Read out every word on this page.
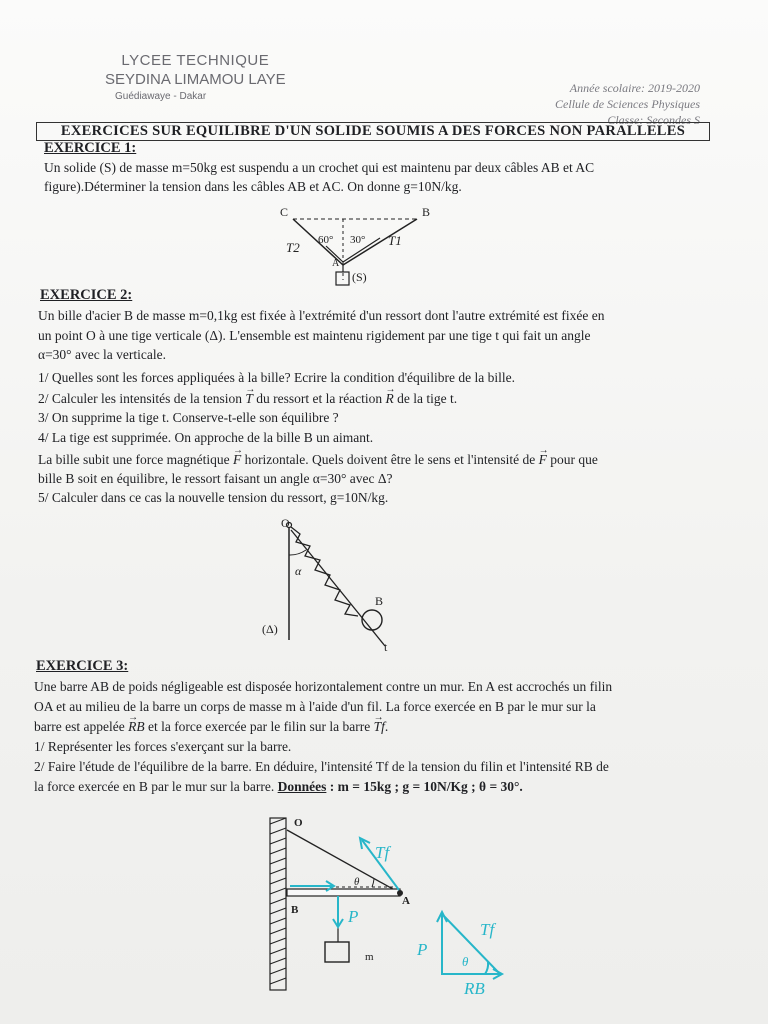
LYCEE TECHNIQUE
SEYDINA LIMAMOU LAYE
Guédiawaye - Dakar
Année scolaire: 2019-2020
Cellule de Sciences Physiques
Classe: Secondes S
EXERCICES SUR EQUILIBRE D'UN SOLIDE SOUMIS A DES FORCES NON PARALLELES
EXERCICE 1:
Un solide (S) de masse m=50kg est suspendu a un crochet qui est maintenu par deux câbles AB et AC
figure).Déterminer la tension dans les câbles AB et AC. On donne g=10N/kg.
C	B
A
(S)
60° 30°
T2	T1
EXERCICE 2:
Un bille d'acier B de masse m=0,1kg est fixée à l'extrémité d'un ressort dont l'autre extrémité est fixée en
un point O à une tige verticale (Δ). L'ensemble est maintenu rigidement par une tige t qui fait un angle
α=30° avec la verticale.
1/ Quelles sont les forces appliquées à la bille? Ecrire la condition d'équilibre de la bille.
2/ Calculer les intensités de la tension → T du ressort et la réaction → R de la tige t.
3/ On supprime la tige t. Conserve-t-elle son équilibre ?
4/ La tige est supprimée. On approche de la bille B un aimant.
La bille subit une force magnétique → F horizontale. Quels doivent être le sens et l'intensité de → F pour que
bille B soit en équilibre, le ressort faisant un angle α=30° avec Δ?
5/ Calculer dans ce cas la nouvelle tension du ressort, g=10N/kg.
O
α
B
(Δ)
t
EXERCICE 3:
Une barre AB de poids négligeable est disposée horizontalement contre un mur. En A est accrochés un filin
OA et au milieu de la barre un corps de masse m à l'aide d'un fil. La force exercée en B par le mur sur la
barre est appelée → RB et la force exercée par le filin sur la barre → Tf.
1/ Représenter les forces s'exerçant sur la barre.
2/ Faire l'étude de l'équilibre de la barre. En déduire, l'intensité Tf de la tension du filin et l'intensité RB de
la force exercée en B par le mur sur la barre. Données : m = 15kg ; g = 10N/Kg ; θ = 30°.
O
θ
A
B
m
P
Tf
Tf
P
θ
RB
